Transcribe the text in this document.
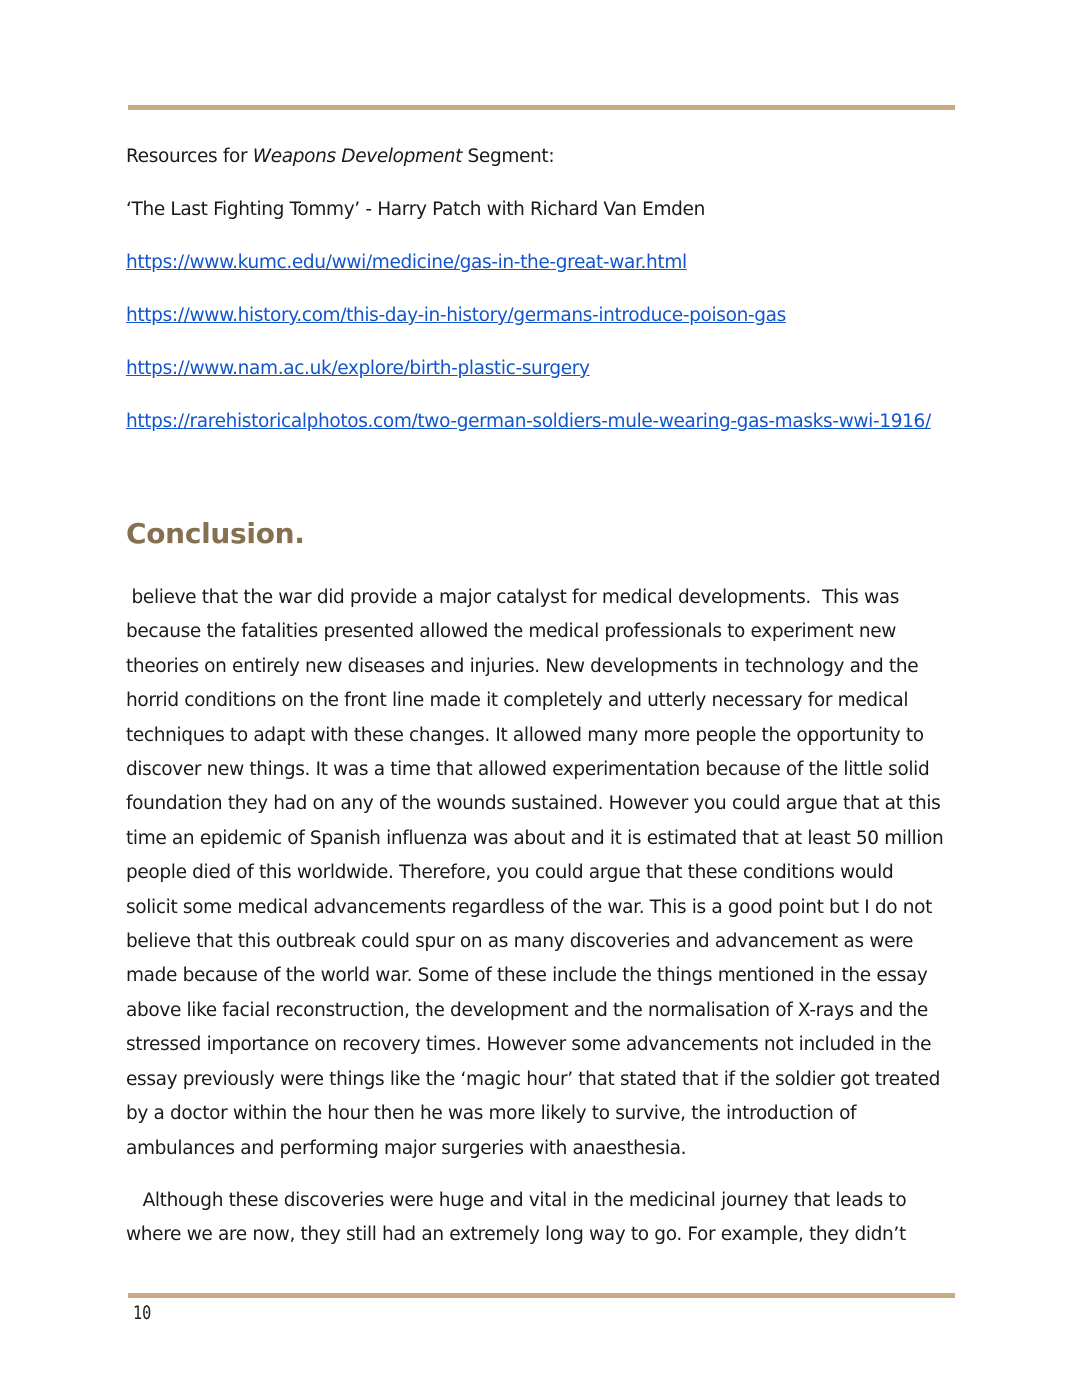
Resources for Weapons Development Segment:
‘The Last Fighting Tommy’ - Harry Patch with Richard Van Emden
https://www.kumc.edu/wwi/medicine/gas-in-the-great-war.html
https://www.history.com/this-day-in-history/germans-introduce-poison-gas
https://www.nam.ac.uk/explore/birth-plastic-surgery
https://rarehistoricalphotos.com/two-german-soldiers-mule-wearing-gas-masks-wwi-1916/
Conclusion.
believe that the war did provide a major catalyst for medical developments.  This was
because the fatalities presented allowed the medical professionals to experiment new
theories on entirely new diseases and injuries. New developments in technology and the
horrid conditions on the front line made it completely and utterly necessary for medical
techniques to adapt with these changes. It allowed many more people the opportunity to
discover new things. It was a time that allowed experimentation because of the little solid
foundation they had on any of the wounds sustained. However you could argue that at this
time an epidemic of Spanish influenza was about and it is estimated that at least 50 million
people died of this worldwide. Therefore, you could argue that these conditions would
solicit some medical advancements regardless of the war. This is a good point but I do not
believe that this outbreak could spur on as many discoveries and advancement as were
made because of the world war. Some of these include the things mentioned in the essay
above like facial reconstruction, the development and the normalisation of X-rays and the
stressed importance on recovery times. However some advancements not included in the
essay previously were things like the ‘magic hour’ that stated that if the soldier got treated
by a doctor within the hour then he was more likely to survive, the introduction of
ambulances and performing major surgeries with anaesthesia.
Although these discoveries were huge and vital in the medicinal journey that leads to
where we are now, they still had an extremely long way to go. For example, they didn’t
10
